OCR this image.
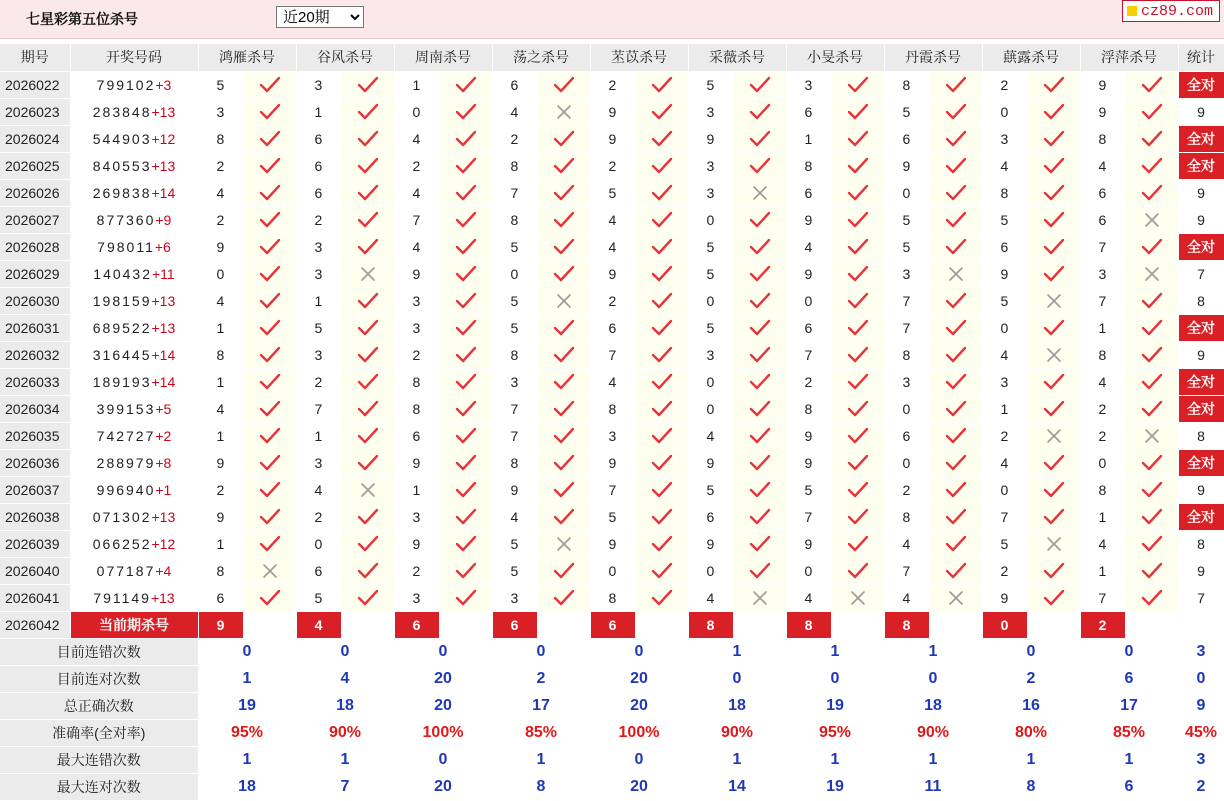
七星彩第五位杀号
近20期	cz89.com
期号	开奖号码	鸿雁杀号		谷风杀号		周南杀号		荡之杀号		苤苡杀号		采薇杀号		小旻杀号		丹霞杀号		蕻露杀号		浮萍杀号		统计
2026022	799102+3	5		3		1		6		2		5		3		8		2		9		全对
2026023	283848+13	3		1		0		4		9		3		6		5		0		9		9
2026024	544903+12	8		6		4		2		9		9		1		6		3		8		全对
2026025	840553+13	2		6		2		8		2		3		8		9		4		4		全对
2026026	269838+14	4		6		4		7		5		3		6		0		8		6		9
2026027	877360+9	2		2		7		8		4		0		9		5		5		6		9
2026028	798011+6	9		3		4		5		4		5		4		5		6		7		全对
2026029	140432+11	0		3		9		0		9		5		9		3		9		3		7
2026030	198159+13	4		1		3		5		2		0		0		7		5		7		8
2026031	689522+13	1		5		3		5		6		5		6		7		0		1		全对
2026032	316445+14	8		3		2		8		7		3		7		8		4		8		9
2026033	189193+14	1		2		8		3		4		0		2		3		3		4		全对
2026034	399153+5	4		7		8		7		8		0		8		0		1		2		全对
2026035	742727+2	1		1		6		7		3		4		9		6		2		2		8
2026036	288979+8	9		3		9		8		9		9		9		0		4		0		全对
2026037	996940+1	2		4		1		9		7		5		5		2		0		8		9
2026038	071302+13	9		2		3		4		5		6		7		8		7		1		全对
2026039	066252+12	1		0		9		5		9		9		9		4		5		4		8
2026040	077187+4	8		6		2		5		0		0		0		7		2		1		9
2026041	791149+13	6		5		3		3		8		4		4		4		9		7		7
2026042	当前期杀号	9		4		6		6		6		8		8		8		0		2		
目前连错次数		0		0		0		0		0		1		1		1		0		0		3
目前连对次数		1		4		20		2		20		0		0		0		2		6		0
总正确次数		19		18		20		17		20		18		19		18		16		17		9
准确率(全对率)		95%		90%		100%		85%		100%		90%		95%		90%		80%		85%		45%
最大连错次数		1		1		0		1		0		1		1		1		1		1		3
最大连对次数		18		7		20		8		20		14		19		11		8		6		2
